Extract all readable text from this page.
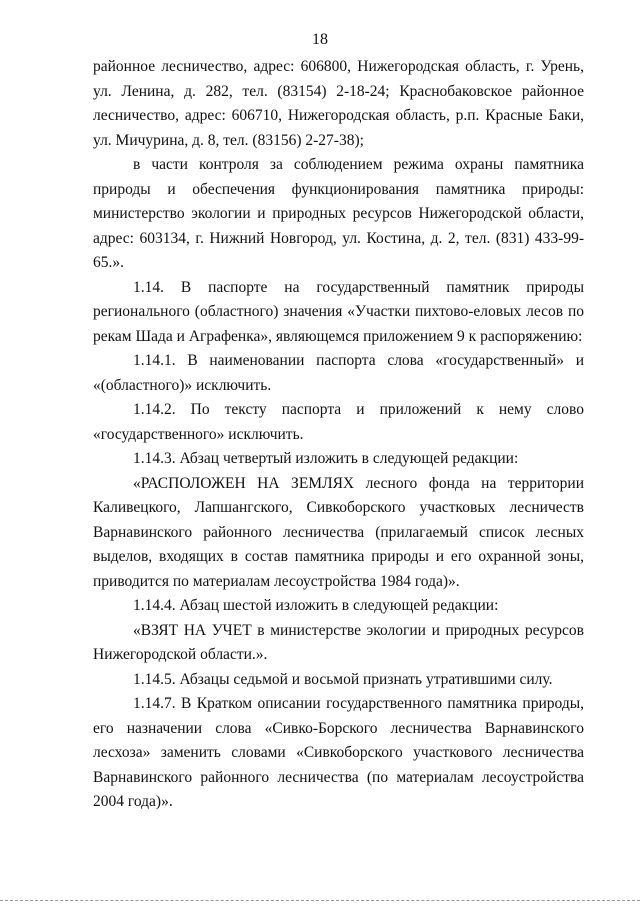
18

районное лесничество, адрес: 606800, Нижегородская область, г. Урень, ул. Ленина, д. 282, тел. (83154) 2-18-24; Краснобаковское районное лесничество, адрес: 606710, Нижегородская область, р.п. Красные Баки, ул. Мичурина, д. 8, тел. (83156) 2-27-38);

в части контроля за соблюдением режима охраны памятника природы и обеспечения функционирования памятника природы: министерство экологии и природных ресурсов Нижегородской области, адрес: 603134, г. Нижний Новгород, ул. Костина, д. 2, тел. (831) 433-99-65.».

1.14. В паспорте на государственный памятник природы регионального (областного) значения «Участки пихтово-еловых лесов по рекам Шада и Аграфенка», являющемся приложением 9 к распоряжению:

1.14.1. В наименовании паспорта слова «государственный» и «(областного)» исключить.

1.14.2. По тексту паспорта и приложений к нему слово «государственного» исключить.

1.14.3. Абзац четвертый изложить в следующей редакции:

«РАСПОЛОЖЕН НА ЗЕМЛЯХ лесного фонда на территории Каливецкого, Лапшангского, Сивкоборского участковых лесничеств Варнавинского районного лесничества (прилагаемый список лесных выделов, входящих в состав памятника природы и его охранной зоны, приводится по материалам лесоустройства 1984 года)».

1.14.4. Абзац шестой изложить в следующей редакции:

«ВЗЯТ НА УЧЕТ в министерстве экологии и природных ресурсов Нижегородской области.».

1.14.5. Абзацы седьмой и восьмой признать утратившими силу.

1.14.7. В Кратком описании государственного памятника природы, его назначении слова «Сивко-Борского лесничества Варнавинского лесхоза» заменить словами «Сивкоборского участкового лесничества Варнавинского районного лесничества (по материалам лесоустройства 2004 года)».
